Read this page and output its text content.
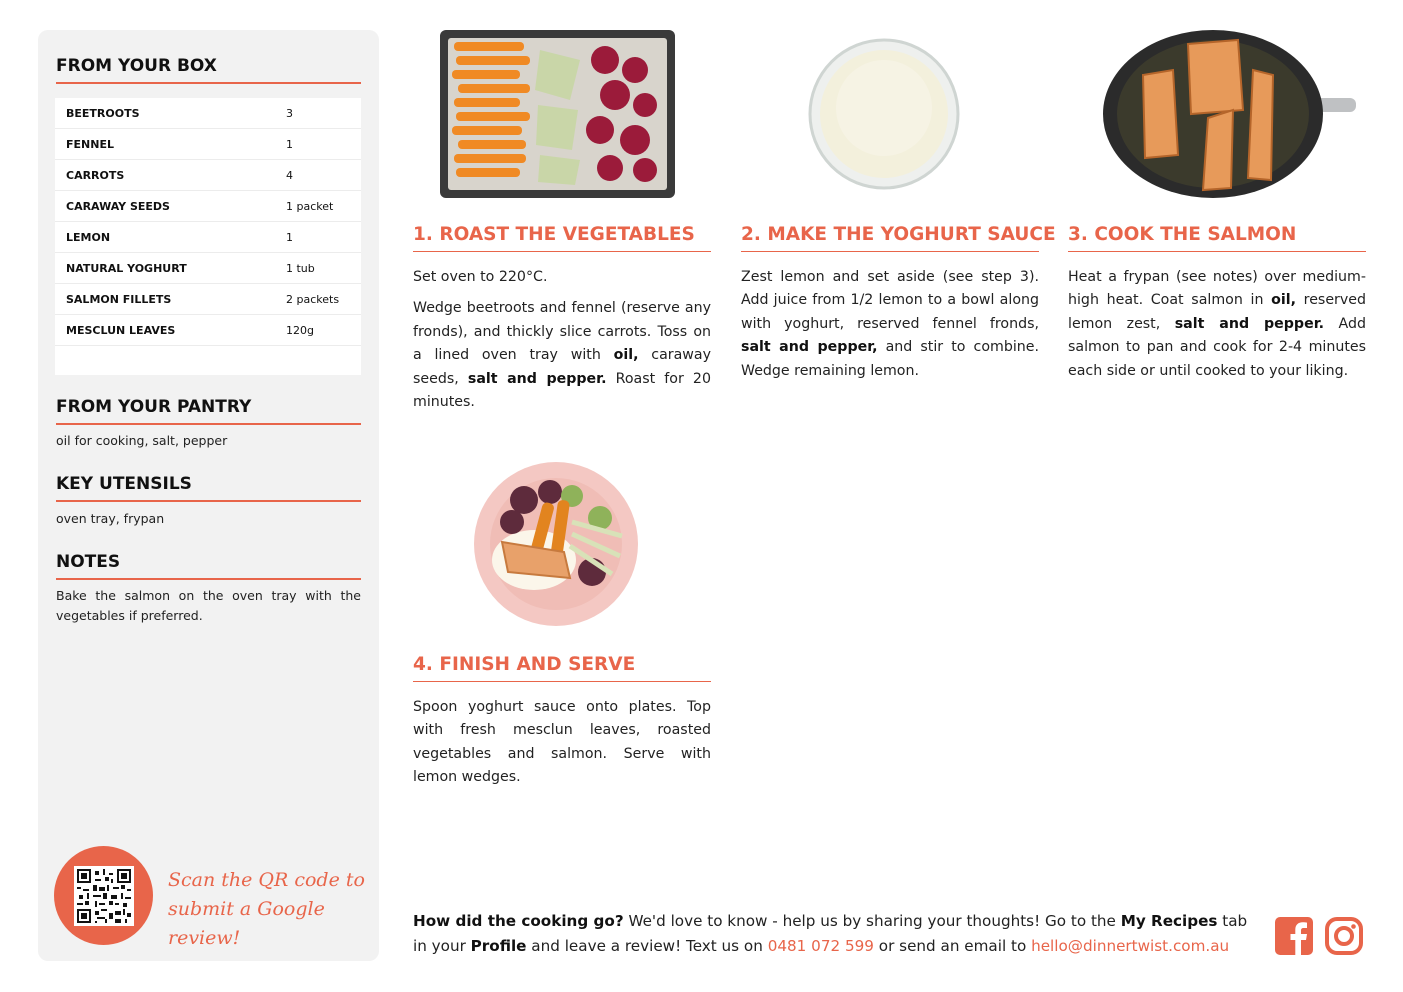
FROM YOUR BOX
BEETROOTS	3
FENNEL	1
CARROTS	4
CARAWAY SEEDS	1 packet
LEMON	1
NATURAL YOGHURT	1 tub
SALMON FILLETS	2 packets
MESCLUN LEAVES	120g
FROM YOUR PANTRY
oil for cooking, salt, pepper
KEY UTENSILS
oven tray, frypan
NOTES
Bake the salmon on the oven tray with the vegetables if preferred.
Scan the QR code to
submit a Google review!
1. ROAST THE VEGETABLES

Set oven to 220°C.

Wedge beetroots and fennel (reserve any fronds), and thickly slice carrots. Toss on a lined oven tray with oil, caraway seeds, salt and pepper. Roast for 20 minutes.

2. MAKE THE YOGHURT SAUCE

Zest lemon and set aside (see step 3). Add juice from 1/2 lemon to a bowl along with yoghurt, reserved fennel fronds, salt and pepper, and stir to combine. Wedge remaining lemon.

3. COOK THE SALMON

Heat a frypan (see notes) over medium-high heat. Coat salmon in oil, reserved lemon zest, salt and pepper. Add salmon to pan and cook for 2-4 minutes each side or until cooked to your liking.

4. FINISH AND SERVE

Spoon yoghurt sauce onto plates. Top with fresh mesclun leaves, roasted vegetables and salmon. Serve with lemon wedges.

How did the cooking go? We'd love to know - help us by sharing your thoughts! Go to the My Recipes tab in your Profile and leave a review! Text us on 0481 072 599 or send an email to hello@dinnertwist.com.au
